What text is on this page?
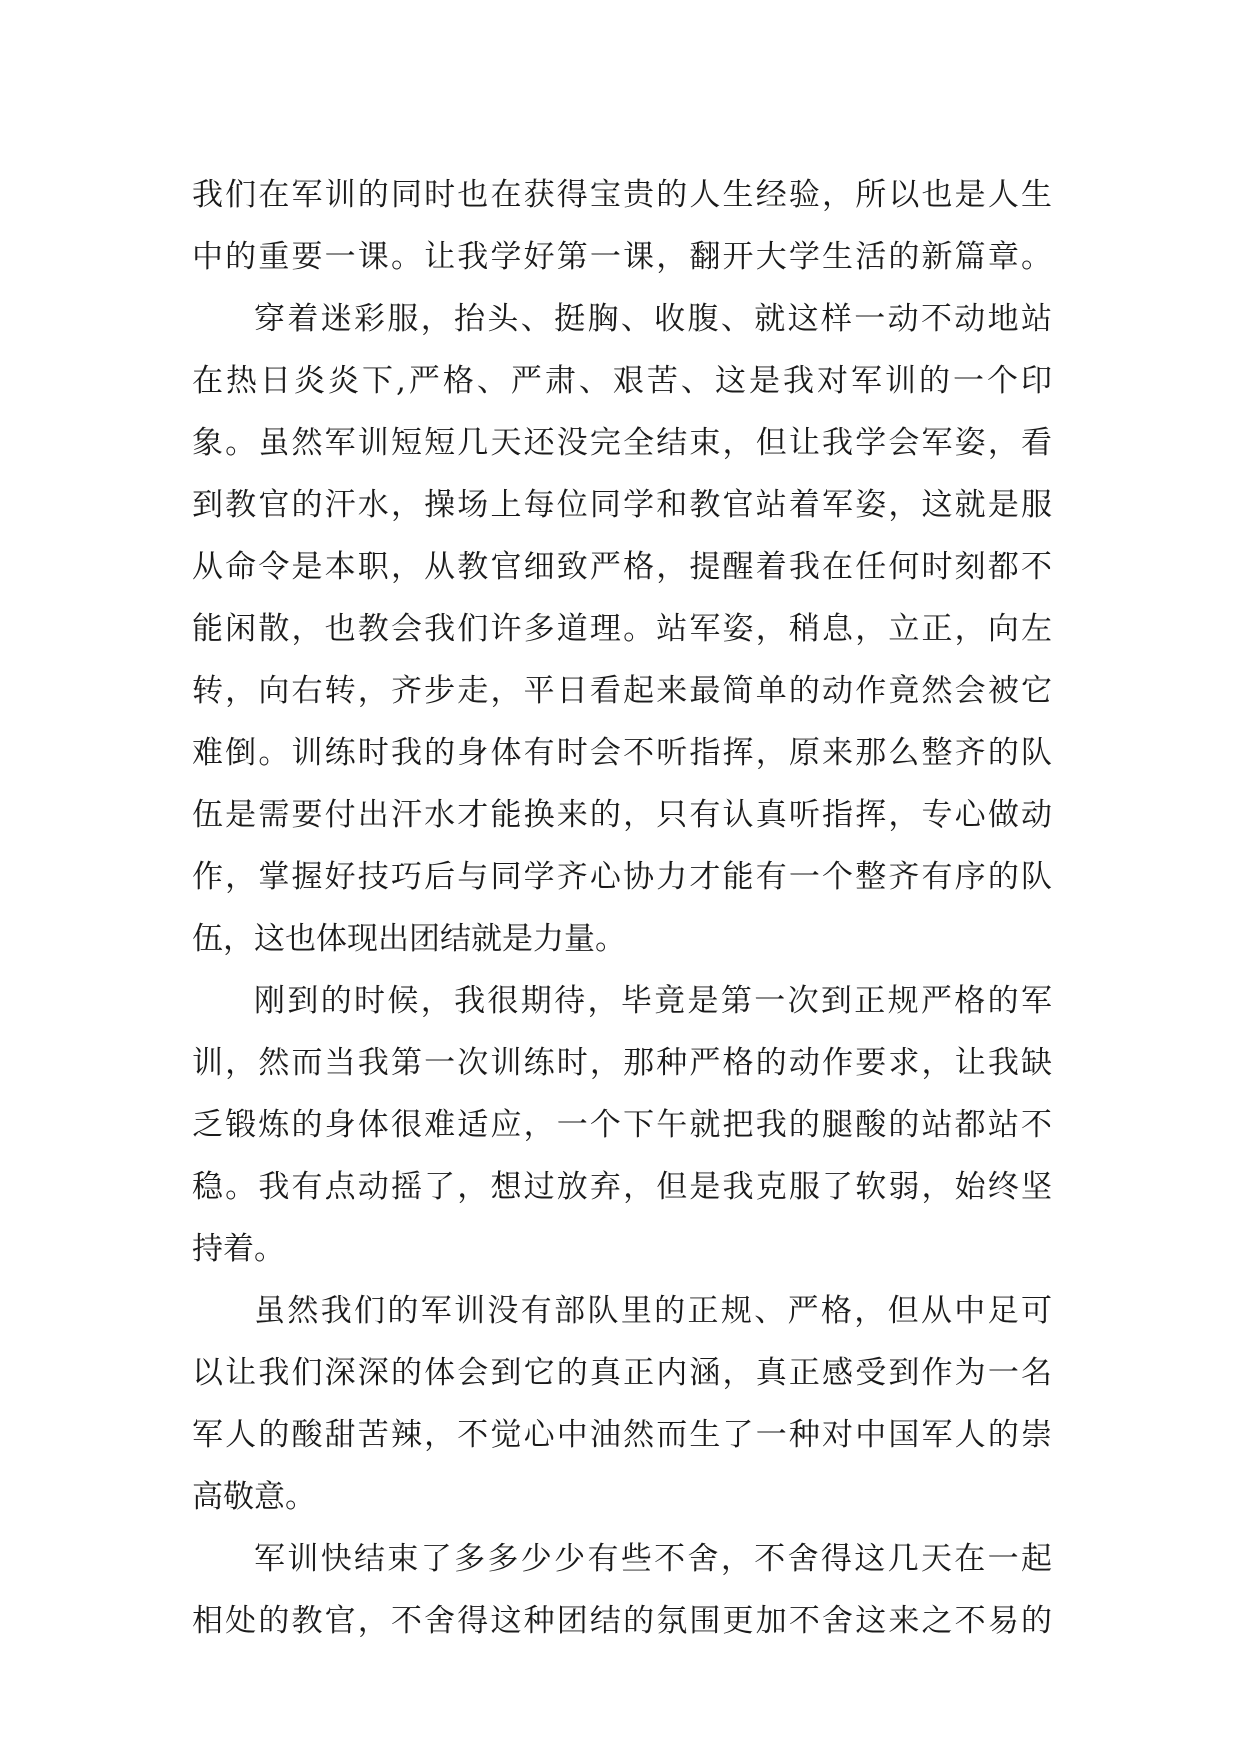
我们在军训的同时也在获得宝贵的人生经验，所以也是人生
中的重要一课。让我学好第一课，翻开大学生活的新篇章。
穿着迷彩服，抬头、挺胸、收腹、就这样一动不动地站
在热日炎炎下,严格、严肃、艰苦、这是我对军训的一个印
象。虽然军训短短几天还没完全结束，但让我学会军姿，看
到教官的汗水，操场上每位同学和教官站着军姿，这就是服
从命令是本职，从教官细致严格，提醒着我在任何时刻都不
能闲散，也教会我们许多道理。站军姿，稍息，立正，向左
转，向右转，齐步走，平日看起来最简单的动作竟然会被它
难倒。训练时我的身体有时会不听指挥，原来那么整齐的队
伍是需要付出汗水才能换来的，只有认真听指挥，专心做动
作，掌握好技巧后与同学齐心协力才能有一个整齐有序的队
伍，这也体现出团结就是力量。
刚到的时候，我很期待，毕竟是第一次到正规严格的军
训，然而当我第一次训练时，那种严格的动作要求，让我缺
乏锻炼的身体很难适应，一个下午就把我的腿酸的站都站不
稳。我有点动摇了，想过放弃，但是我克服了软弱，始终坚
持着。
虽然我们的军训没有部队里的正规、严格，但从中足可
以让我们深深的体会到它的真正内涵，真正感受到作为一名
军人的酸甜苦辣，不觉心中油然而生了一种对中国军人的崇
高敬意。
军训快结束了多多少少有些不舍，不舍得这几天在一起
相处的教官，不舍得这种团结的氛围更加不舍这来之不易的
